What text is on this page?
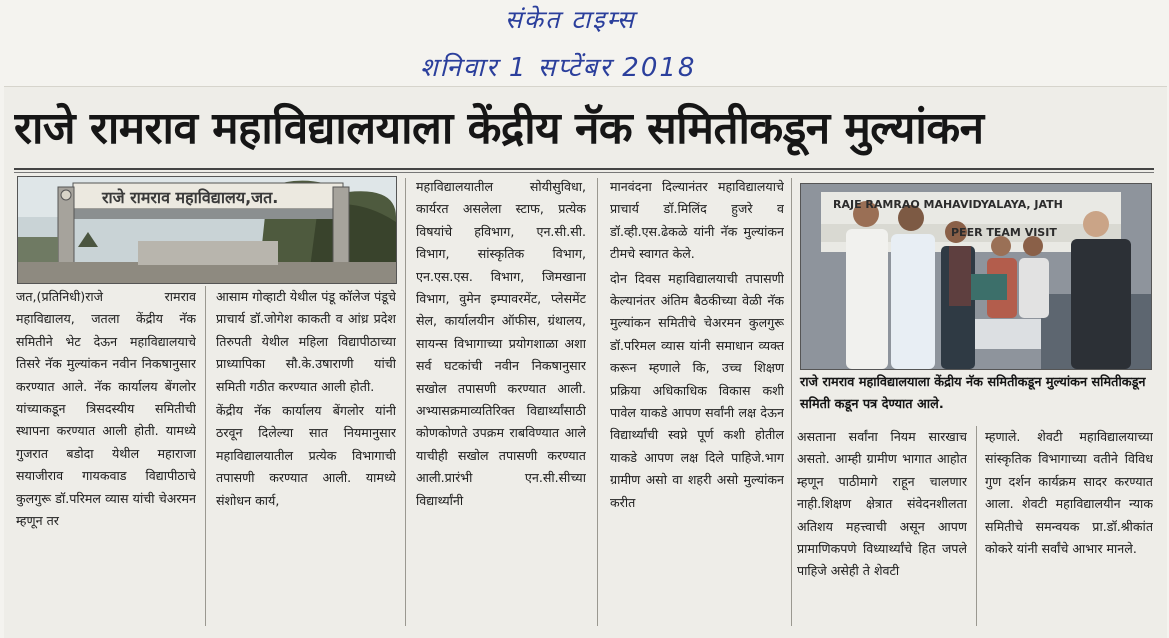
संकेत टाइम्स
शनिवार 1 सप्टेंबर 2018
राजे रामराव महाविद्यालयाला केंद्रीय नॅक समितीकडून मुल्यांकन
राजे रामराव महाविद्यालय,जत.	RAJE RAMRAO MAHAVIDYALAYA, JATH
PEER TEAM VISIT
राजे रामराव महाविद्यालयाला केंद्रीय नॅक समितीकडून मुल्यांकन समितीकडून समिती कडून पत्र देण्यात आले.

जत,(प्रतिनिधी)राजे रामराव महाविद्यालय, जतला केंद्रीय नॅक समितीने भेट देऊन महाविद्यालयाचे तिसरे नॅक मुल्यांकन नवीन निकषानुसार करण्यात आले. नॅक कार्यालय बेंगलोर यांच्याकडून त्रिसदस्यीय समितीची स्थापना करण्यात आली होती. यामध्ये गुजरात बडोदा येथील महाराजा सयाजीराव गायकवाड विद्यापीठाचे कुलगुरू डॉ.परिमल व्यास यांची चेअरमन म्हणून तर

आसाम गोव्हाटी येथील पंडू कॉलेज पंडूचे प्राचार्य डॉ.जोगेश काकती व आंध्र प्रदेश तिरुपती येथील महिला विद्यापीठाच्या प्राध्यापिका सौ.के.उषाराणी यांची समिती गठीत करण्यात आली होती.

केंद्रीय नॅक कार्यालय बेंगलोर यांनी ठरवून दिलेल्या सात नियमानुसार महाविद्यालयातील प्रत्येक विभागाची तपासणी करण्यात आली. यामध्ये संशोधन कार्य,

महाविद्यालयातील सोयीसुविधा, कार्यरत असलेला स्टाफ, प्रत्येक विषयांचे हविभाग, एन.सी.सी. विभाग, सांस्कृतिक विभाग, एन.एस.एस. विभाग, जिमखाना विभाग, वुमेन इम्पावरमेंट, प्लेसमेंट सेल, कार्यालयीन ऑफीस, ग्रंथालय, सायन्स विभागाच्या प्रयोगशाळा अशा सर्व घटकांची नवीन निकषानुसार सखोल तपासणी करण्यात आली. अभ्यासक्रमाव्यतिरिक्त विद्यार्थ्यांसाठी कोणकोणते उपक्रम राबविण्यात आले याचीही सखोल तपासणी करण्यात आली.प्रारंभी एन.सी.सीच्या विद्यार्थ्यांनी

मानवंदना दिल्यानंतर महाविद्यालयाचे प्राचार्य डॉ.मिलिंद हुजरे व डॉ.व्ही.एस.ढेकळे यांनी नॅक मुल्यांकन टीमचे स्वागत केले.

दोन दिवस महाविद्यालयाची तपासणी केल्यानंतर अंतिम बैठकीच्या वेळी नॅक मुल्यांकन समितीचे चेअरमन कुलगुरू डॉ.परिमल व्यास यांनी समाधान व्यक्त करून म्हणाले कि, उच्च शिक्षण प्रक्रिया अधिकाधिक विकास कशी पावेल याकडे आपण सर्वांनी लक्ष देऊन विद्यार्थ्यांची स्वप्ने पूर्ण कशी होतील याकडे आपण लक्ष दिले पाहिजे.भाग ग्रामीण असो वा शहरी असो मुल्यांकन करीत

असताना सर्वांना नियम सारखाच असतो. आम्ही ग्रामीण भागात आहोत म्हणून पाठीमागे राहून चालणार नाही.शिक्षण क्षेत्रात संवेदनशीलता अतिशय महत्त्वाची असून आपण प्रामाणिकपणे विध्यार्थ्यांचे हित जपले पाहिजे असेही ते शेवटी

म्हणाले. शेवटी महाविद्यालयाच्या सांस्कृतिक विभागाच्या वतीने विविध गुण दर्शन कार्यक्रम सादर करण्यात आला. शेवटी महाविद्यालयीन न्याक समितीचे समन्वयक प्रा.डॉ.श्रीकांत कोकरे यांनी सर्वांचे आभार मानले.
